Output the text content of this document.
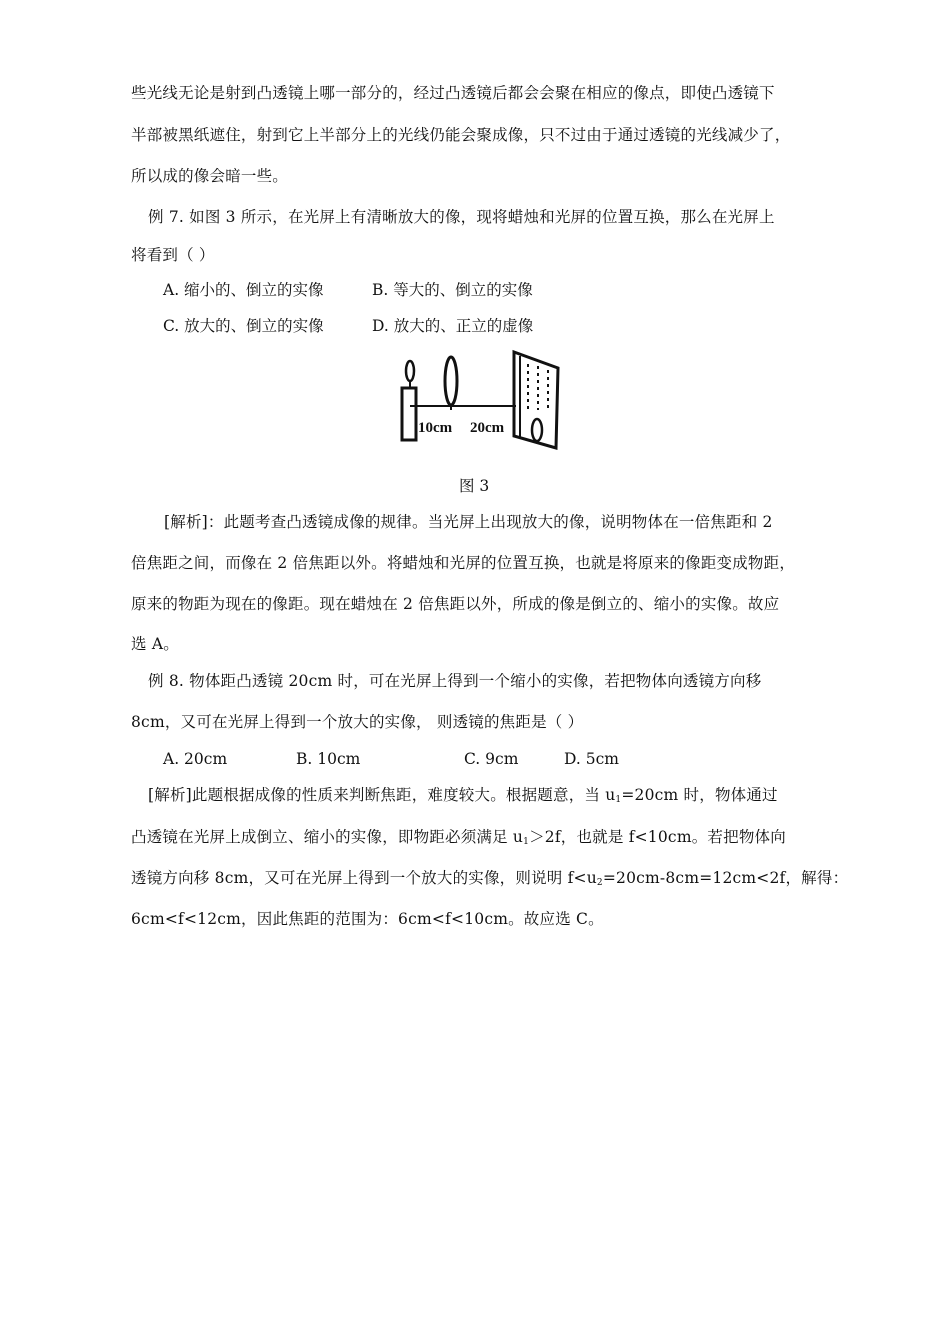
些光线无论是射到凸透镜上哪一部分的，经过凸透镜后都会会聚在相应的像点，即使凸透镜下
半部被黑纸遮住，射到它上半部分上的光线仍能会聚成像，只不过由于通过透镜的光线减少了，
所以成的像会暗一些。
例 7. 如图 3 所示，在光屏上有清晰放大的像，现将蜡烛和光屏的位置互换，那么在光屏上
将看到（ ）
A. 缩小的、倒立的实像	B. 等大的、倒立的实像
C. 放大的、倒立的实像	D. 放大的、正立的虚像
10cm 20cm
图 3
[解析]：此题考查凸透镜成像的规律。当光屏上出现放大的像，说明物体在一倍焦距和 2
倍焦距之间，而像在 2 倍焦距以外。将蜡烛和光屏的位置互换，也就是将原来的像距变成物距，
原来的物距为现在的像距。现在蜡烛在 2 倍焦距以外，所成的像是倒立的、缩小的实像。故应
选 A。
例 8. 物体距凸透镜 20cm 时，可在光屏上得到一个缩小的实像，若把物体向透镜方向移
8cm，又可在光屏上得到一个放大的实像， 则透镜的焦距是（ ）
A. 20cm	B. 10cm	C. 9cm	D. 5cm
[解析]此题根据成像的性质来判断焦距，难度较大。根据题意，当 $u_1=20cm$ 时，物体通过
凸透镜在光屏上成倒立、缩小的实像，即物距必须满足 $u_1>2f$，也就是 f<10cm。若把物体向
透镜方向移 8cm，又可在光屏上得到一个放大的实像，则说明 $f<u_2=20cm-8cm=12cm<2f$，解得：
6cm<f<12cm，因此焦距的范围为：6cm<f<10cm。故应选 C。
